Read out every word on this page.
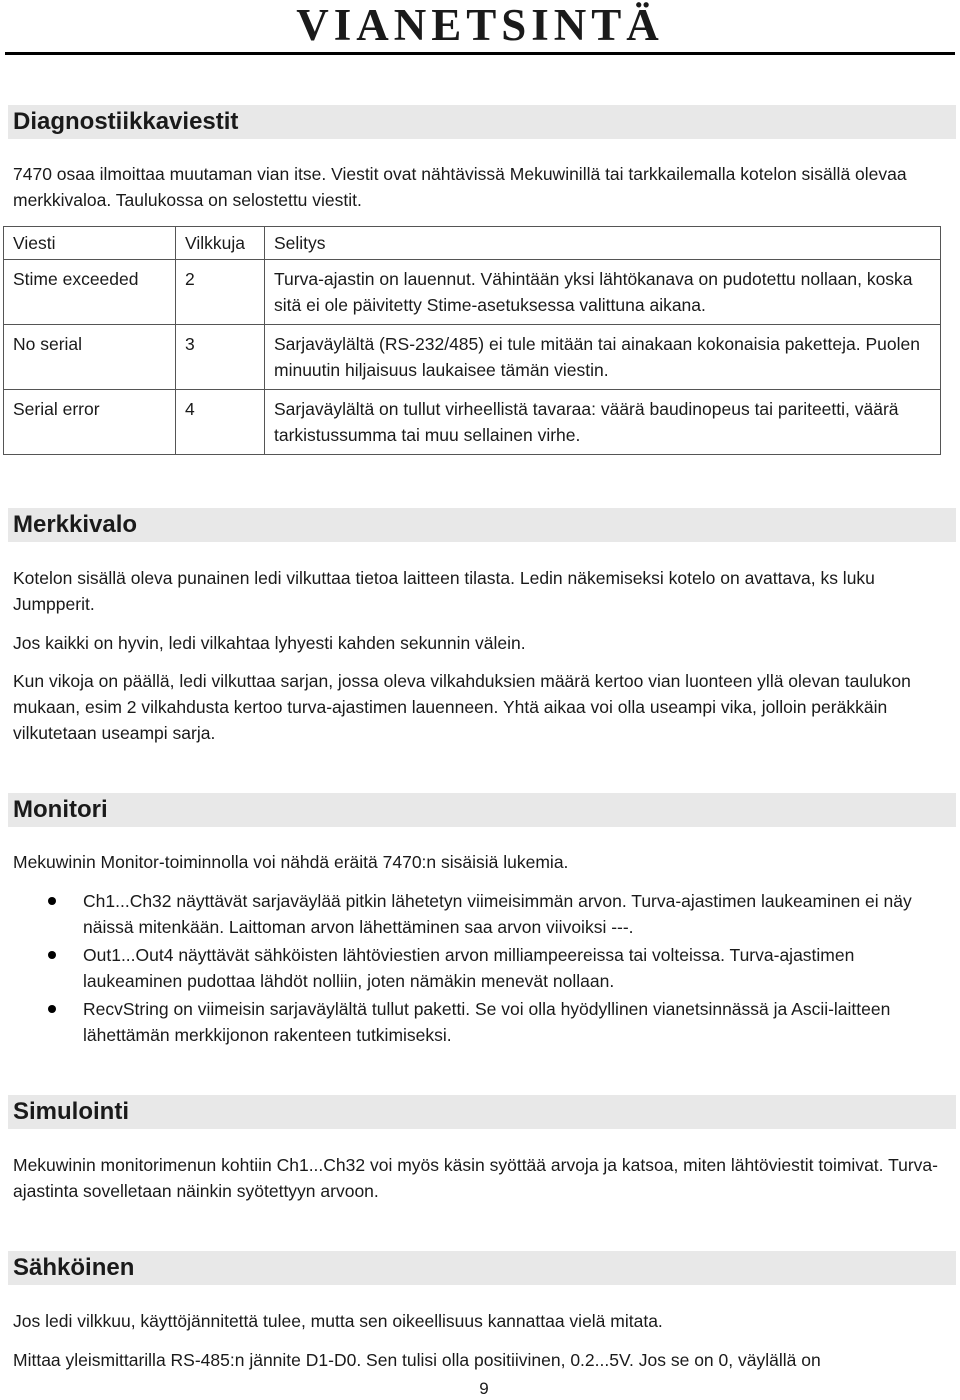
VIANETSINTÄ
Diagnostiikkaviestit

7470 osaa ilmoittaa muutaman vian itse. Viestit ovat nähtävissä Mekuwinillä tai tarkkailemalla kotelon sisällä olevaa merkkivaloa. Taulukossa on selostettu viestit.

Viesti	Vilkkuja	Selitys
Stime exceeded	2	Turva-ajastin on lauennut. Vähintään yksi lähtökanava on pudotettu nollaan, koska sitä ei ole päivitetty Stime-asetuksessa valittuna aikana.
No serial	3	Sarjaväylältä (RS-232/485) ei tule mitään tai ainakaan kokonaisia paketteja. Puolen minuutin hiljaisuus laukaisee tämän viestin.
Serial error	4	Sarjaväylältä on tullut virheellistä tavaraa: väärä baudinopeus tai pariteetti, väärä tarkistussumma tai muu sellainen virhe.
Merkkivalo

Kotelon sisällä oleva punainen ledi vilkuttaa tietoa laitteen tilasta. Ledin näkemiseksi kotelo on avattava, ks luku Jumpperit.

Jos kaikki on hyvin, ledi vilkahtaa lyhyesti kahden sekunnin välein.

Kun vikoja on päällä, ledi vilkuttaa sarjan, jossa oleva vilkahduksien määrä kertoo vian luonteen yllä olevan taulukon mukaan, esim 2 vilkahdusta kertoo turva-ajastimen lauenneen. Yhtä aikaa voi olla useampi vika, jolloin peräkkäin vilkutetaan useampi sarja.

Monitori

Mekuwinin Monitor-toiminnolla voi nähdä eräitä 7470:n sisäisiä lukemia.

Ch1...Ch32 näyttävät sarjaväylää pitkin lähetetyn viimeisimmän arvon. Turva-ajastimen laukeaminen ei näy näissä mitenkään. Laittoman arvon lähettäminen saa arvon viivoiksi ---.
Out1...Out4 näyttävät sähköisten lähtöviestien arvon milliampeereissa tai volteissa. Turva-ajastimen laukeaminen pudottaa lähdöt nolliin, joten nämäkin menevät nollaan.
RecvString on viimeisin sarjaväylältä tullut paketti. Se voi olla hyödyllinen vianetsinnässä ja Ascii-laitteen lähettämän merkkijonon rakenteen tutkimiseksi.
Simulointi

Mekuwinin monitorimenun kohtiin Ch1...Ch32 voi myös käsin syöttää arvoja ja katsoa, miten lähtöviestit toimivat. Turva-ajastinta sovelletaan näinkin syötettyyn arvoon.

Sähköinen

Jos ledi vilkkuu, käyttöjännitettä tulee, mutta sen oikeellisuus kannattaa vielä mitata.

Mittaa yleismittarilla RS-485:n jännite D1-D0. Sen tulisi olla positiivinen, 0.2...5V. Jos se on 0, väylällä on

9
